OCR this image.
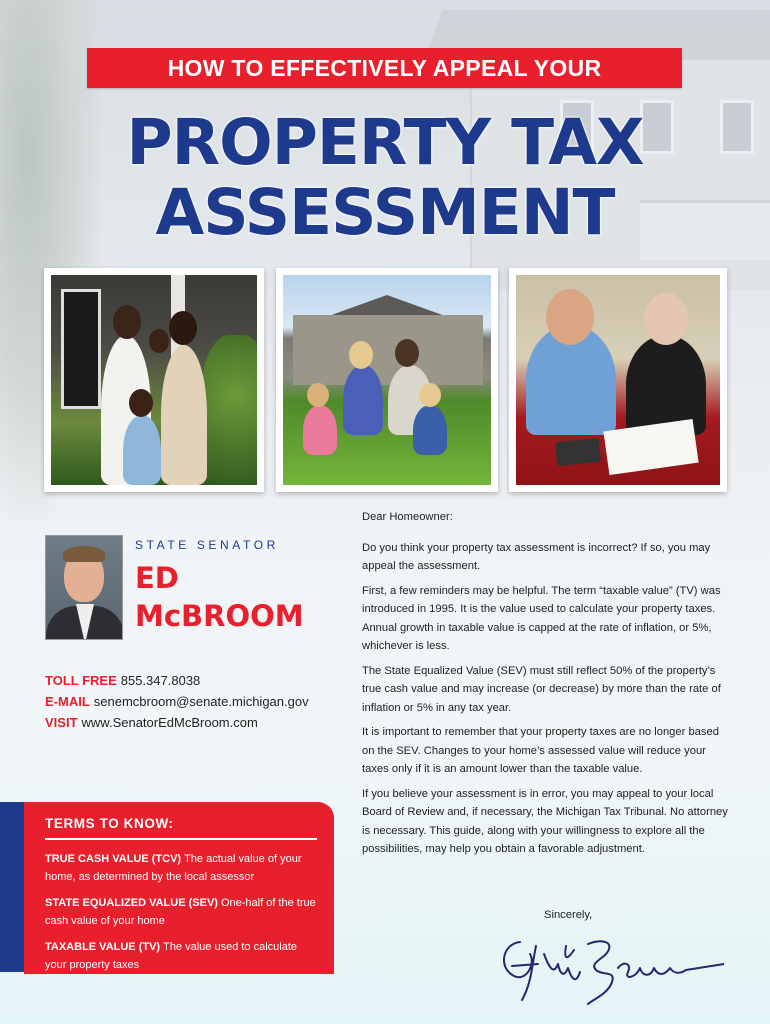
HOW TO EFFECTIVELY APPEAL YOUR
PROPERTY TAX
ASSESSMENT
STATE SENATOR
ED
McBROOM
TOLL FREE 855.347.8038
E-MAIL senemcbroom@senate.michigan.gov
VISIT www.SenatorEdMcBroom.com
TERMS TO KNOW:
TRUE CASH VALUE (TCV) The actual value of your home, as determined by the local assessor
STATE EQUALIZED VALUE (SEV) One-half of the true cash value of your home
TAXABLE VALUE (TV) The value used to calculate your property taxes

Dear Homeowner:

Do you think your property tax assessment is incorrect? If so, you may appeal the assessment.

First, a few reminders may be helpful. The term “taxable value” (TV) was introduced in 1995. It is the value used to calculate your property taxes. Annual growth in taxable value is capped at the rate of inflation, or 5%, whichever is less.

The State Equalized Value (SEV) must still reflect 50% of the property’s true cash value and may increase (or decrease) by more than the rate of inflation or 5% in any tax year.

It is important to remember that your property taxes are no longer based on the SEV. Changes to your home’s assessed value will reduce your taxes only if it is an amount lower than the taxable value.

If you believe your assessment is in error, you may appeal to your local Board of Review and, if necessary, the Michigan Tax Tribunal. No attorney is necessary. This guide, along with your willingness to explore all the possibilities, may help you obtain a favorable adjustment.

Sincerely,
